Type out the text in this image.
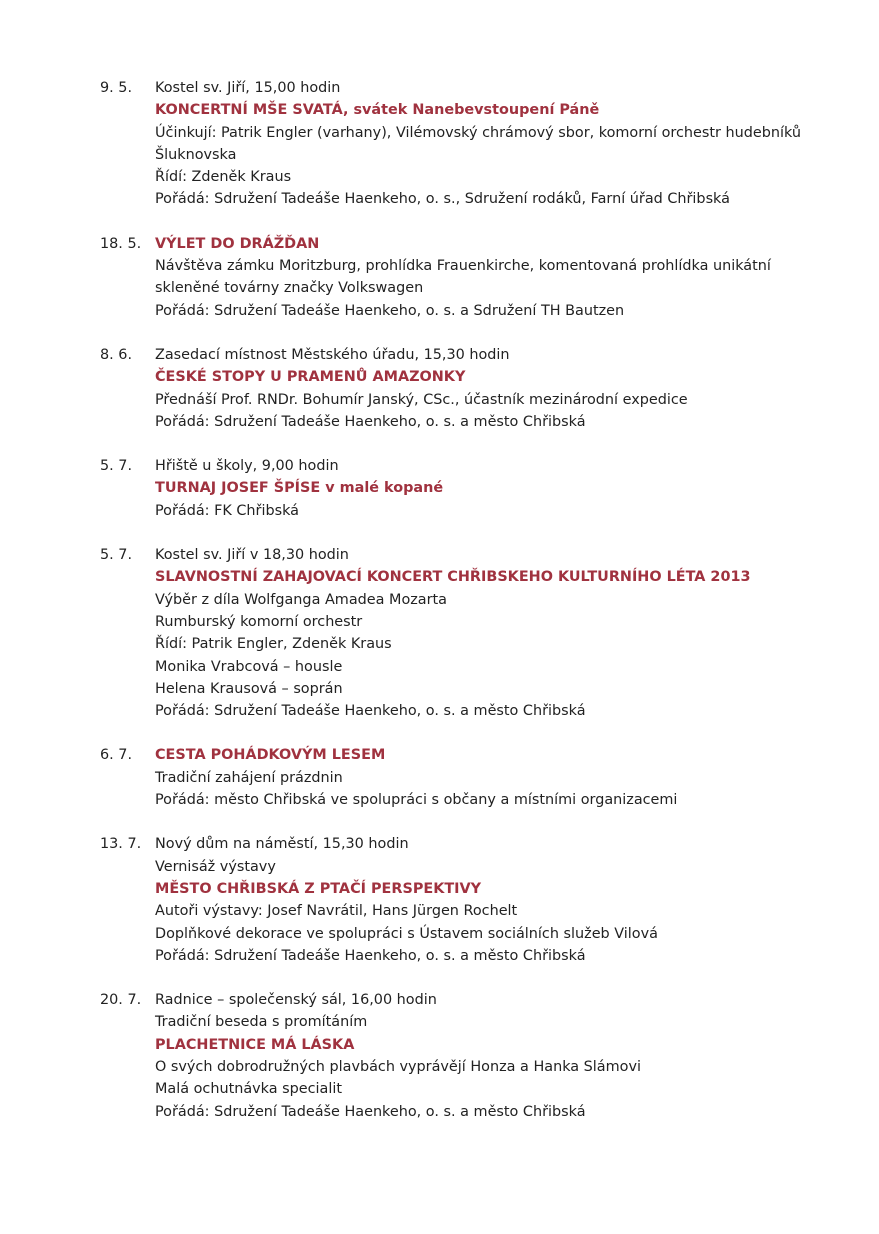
9. 5.	Kostel sv. Jiří, 15,00 hodin
KONCERTNÍ MŠE SVATÁ, svátek Nanebevstoupení Páně
Účinkují: Patrik Engler (varhany), Vilémovský chrámový sbor, komorní orchestr hudebníků Šluknovska
Řídí: Zdeněk Kraus
Pořádá: Sdružení Tadeáše Haenkeho, o. s., Sdružení rodáků, Farní úřad Chřibská
18. 5. VÝLET DO DRÁŽĎAN
Návštěva zámku Moritzburg, prohlídka Frauenkirche, komentovaná prohlídka unikátní skleněné továrny značky Volkswagen
Pořádá: Sdružení Tadeáše Haenkeho, o. s. a Sdružení TH Bautzen
8. 6.	Zasedací místnost Městského úřadu, 15,30 hodin
ČESKÉ STOPY U PRAMENŮ AMAZONKY
Přednáší Prof. RNDr. Bohumír Janský, CSc., účastník mezinárodní expedice
Pořádá: Sdružení Tadeáše Haenkeho, o. s. a město Chřibská
5. 7.	Hřiště u školy, 9,00 hodin
TURNAJ JOSEF ŠPÍSE v malé kopané
Pořádá: FK Chřibská
5. 7.	Kostel sv. Jiří v 18,30 hodin
SLAVNOSTNÍ ZAHAJOVACÍ KONCERT CHŘIBSKEHO KULTURNÍHO LÉTA 2013
Výběr z díla Wolfganga Amadea Mozarta
Rumburský komorní orchestr
Řídí: Patrik Engler, Zdeněk Kraus
Monika Vrabcová – housle
Helena Krausová – soprán
Pořádá: Sdružení Tadeáše Haenkeho, o. s. a město Chřibská
6. 7.	CESTA POHÁDKOVÝM LESEM
Tradiční zahájení prázdnin
Pořádá: město Chřibská ve spolupráci s občany a místními organizacemi
13. 7. Nový dům na náměstí, 15,30 hodin
Vernisáž výstavy
MĚSTO CHŘIBSKÁ Z PTAČÍ PERSPEKTIVY
Autoři výstavy: Josef Navrátil, Hans Jürgen Rochelt
Doplňkové dekorace ve spolupráci s Ústavem sociálních služeb Vilová
Pořádá: Sdružení Tadeáše Haenkeho, o. s. a město Chřibská
20. 7. Radnice – společenský sál, 16,00 hodin
Tradiční beseda s promítáním
PLACHETNICE MÁ LÁSKA
O svých dobrodružných plavbách vyprávějí Honza a Hanka Slámovi
Malá ochutnávka specialit
Pořádá: Sdružení Tadeáše Haenkeho, o. s. a město Chřibská
